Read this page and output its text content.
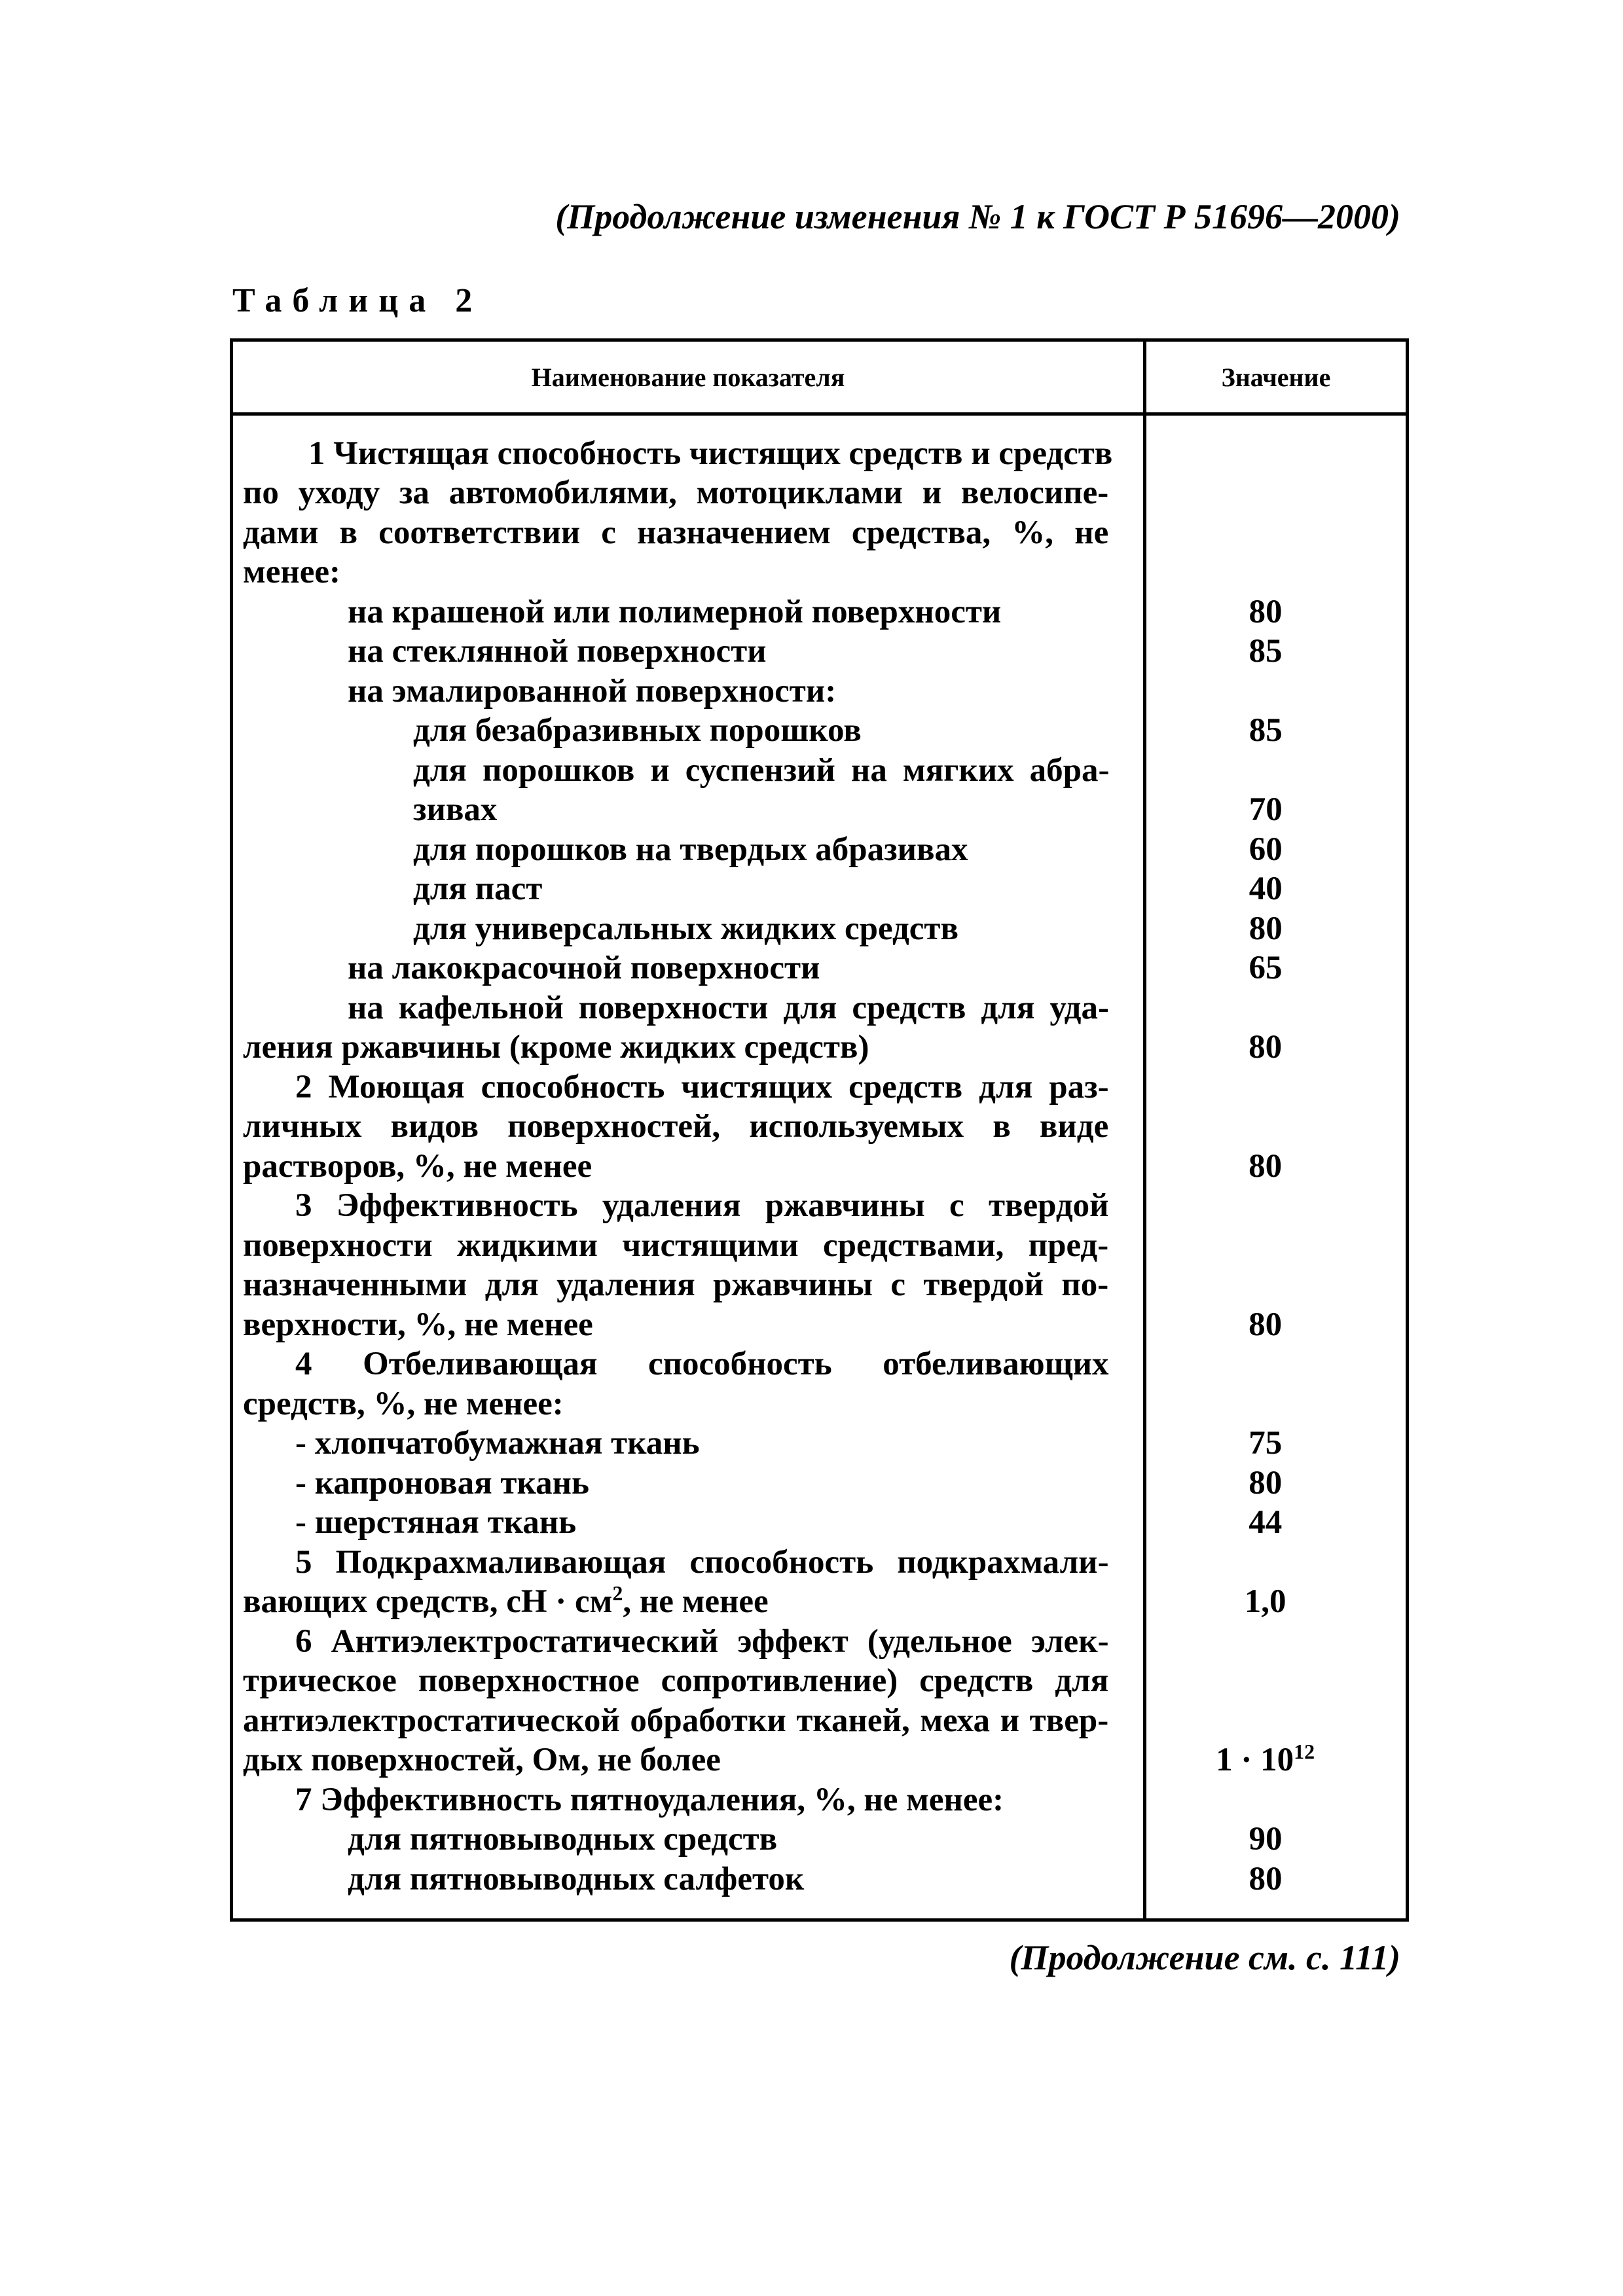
(Продолжение изменения № 1 к ГОСТ Р 51696—2000)
Таблица 2
Наименование показателя	Значение
1 Чистящая способность чистящих средств и средств
по уходу за автомобилями, мотоциклами и велосипе-
дами в соответствии с назначением средства, %, не
менее:
на крашеной или полимерной поверхности	80
на стеклянной поверхности	85
на эмалированной поверхности:
для безабразивных порошков	85
для порошков и суспензий на мягких абра-
зивах	70
для порошков на твердых абразивах	60
для паст	40
для универсальных жидких средств	80
на лакокрасочной поверхности	65
на кафельной поверхности для средств для уда-
ления ржавчины (кроме жидких средств)	80
2 Моющая способность чистящих средств для раз-
личных видов поверхностей, используемых в виде
растворов, %, не менее	80
3 Эффективность удаления ржавчины с твердой
поверхности жидкими чистящими средствами, пред-
назначенными для удаления ржавчины с твердой по-
верхности, %, не менее	80
4 Отбеливающая способность отбеливающих
средств, %, не менее:
- хлопчатобумажная ткань	75
- капроновая ткань	80
- шерстяная ткань	44
5 Подкрахмаливающая способность подкрахмали-
вающих средств, сН · $см^2$, не менее	1,0
6 Антиэлектростатический эффект (удельное элек-
трическое поверхностное сопротивление) средств для
антиэлектростатической обработки тканей, меха и твер-
дых поверхностей, Ом, не более	$1 \cdot 10^{12}$
7 Эффективность пятноудаления, %, не менее:
для пятновыводных средств	90
для пятновыводных салфеток	80
(Продолжение см. с. 111)
